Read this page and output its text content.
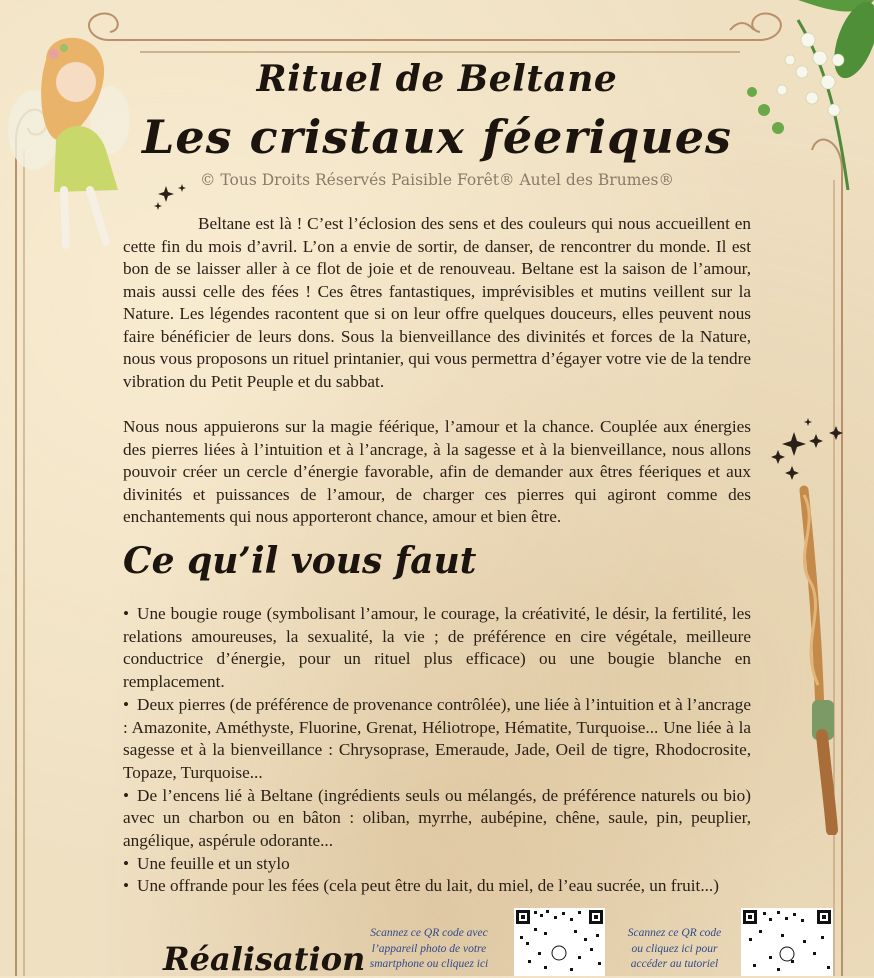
Rituel de Beltane
Les cristaux féeriques
© Tous Droits Réservés Paisible Forêt® Autel des Brumes®

Beltane est là ! C’est l’éclosion des sens et des couleurs qui nous accueillent en cette fin du mois d’avril. L’on a envie de sortir, de danser, de rencontrer du monde. Il est bon de se laisser aller à ce flot de joie et de renouveau. Beltane est la saison de l’amour, mais aussi celle des fées ! Ces êtres fantastiques, imprévisibles et mutins veillent sur la Nature. Les légendes racontent que si on leur offre quelques douceurs, elles peuvent nous faire bénéficier de leurs dons. Sous la bienveillance des divinités et forces de la Nature, nous vous proposons un rituel printanier, qui vous permettra d’égayer votre vie de la tendre vibration du Petit Peuple et du sabbat.

Nous nous appuierons sur la magie féérique, l’amour et la chance. Couplée aux énergies des pierres liées à l’intuition et à l’ancrage, à la sagesse et à la bienveillance, nous allons pouvoir créer un cercle d’énergie favorable, afin de demander aux êtres féeriques et aux divinités et puissances de l’amour, de charger ces pierres qui agiront comme des enchantements qui nous apporteront chance, amour et bien être.

Ce qu’il vous faut
• Une bougie rouge (symbolisant l’amour, le courage, la créativité, le désir, la fertilité, les relations amoureuses, la sexualité, la vie ; de préférence en cire végétale, meilleure conductrice d’énergie, pour un rituel plus efficace) ou une bougie blanche en remplacement.
• Deux pierres (de préférence de provenance contrôlée), une liée à l’intuition et à l’ancrage : Amazonite, Améthyste, Fluorine, Grenat, Héliotrope, Hématite, Turquoise... Une liée à la sagesse et à la bienveillance : Chrysoprase, Emeraude, Jade, Oeil de tigre, Rhodocrosite, Topaze, Turquoise...
• De l’encens lié à Beltane (ingrédients seuls ou mélangés, de préférence naturels ou bio) avec un charbon ou en bâton : oliban, myrrhe, aubépine, chêne, saule, pin, peuplier, angélique, aspérule odorante...
• Une feuille et un stylo
• Une offrande pour les fées (cela peut être du lait, du miel, de l’eau sucrée, un fruit...)
Réalisation
Scannez ce QR code avec l’appareil photo de votre smartphone ou cliquez ici
Scannez ce QR code ou cliquez ici pour accéder au tutoriel
